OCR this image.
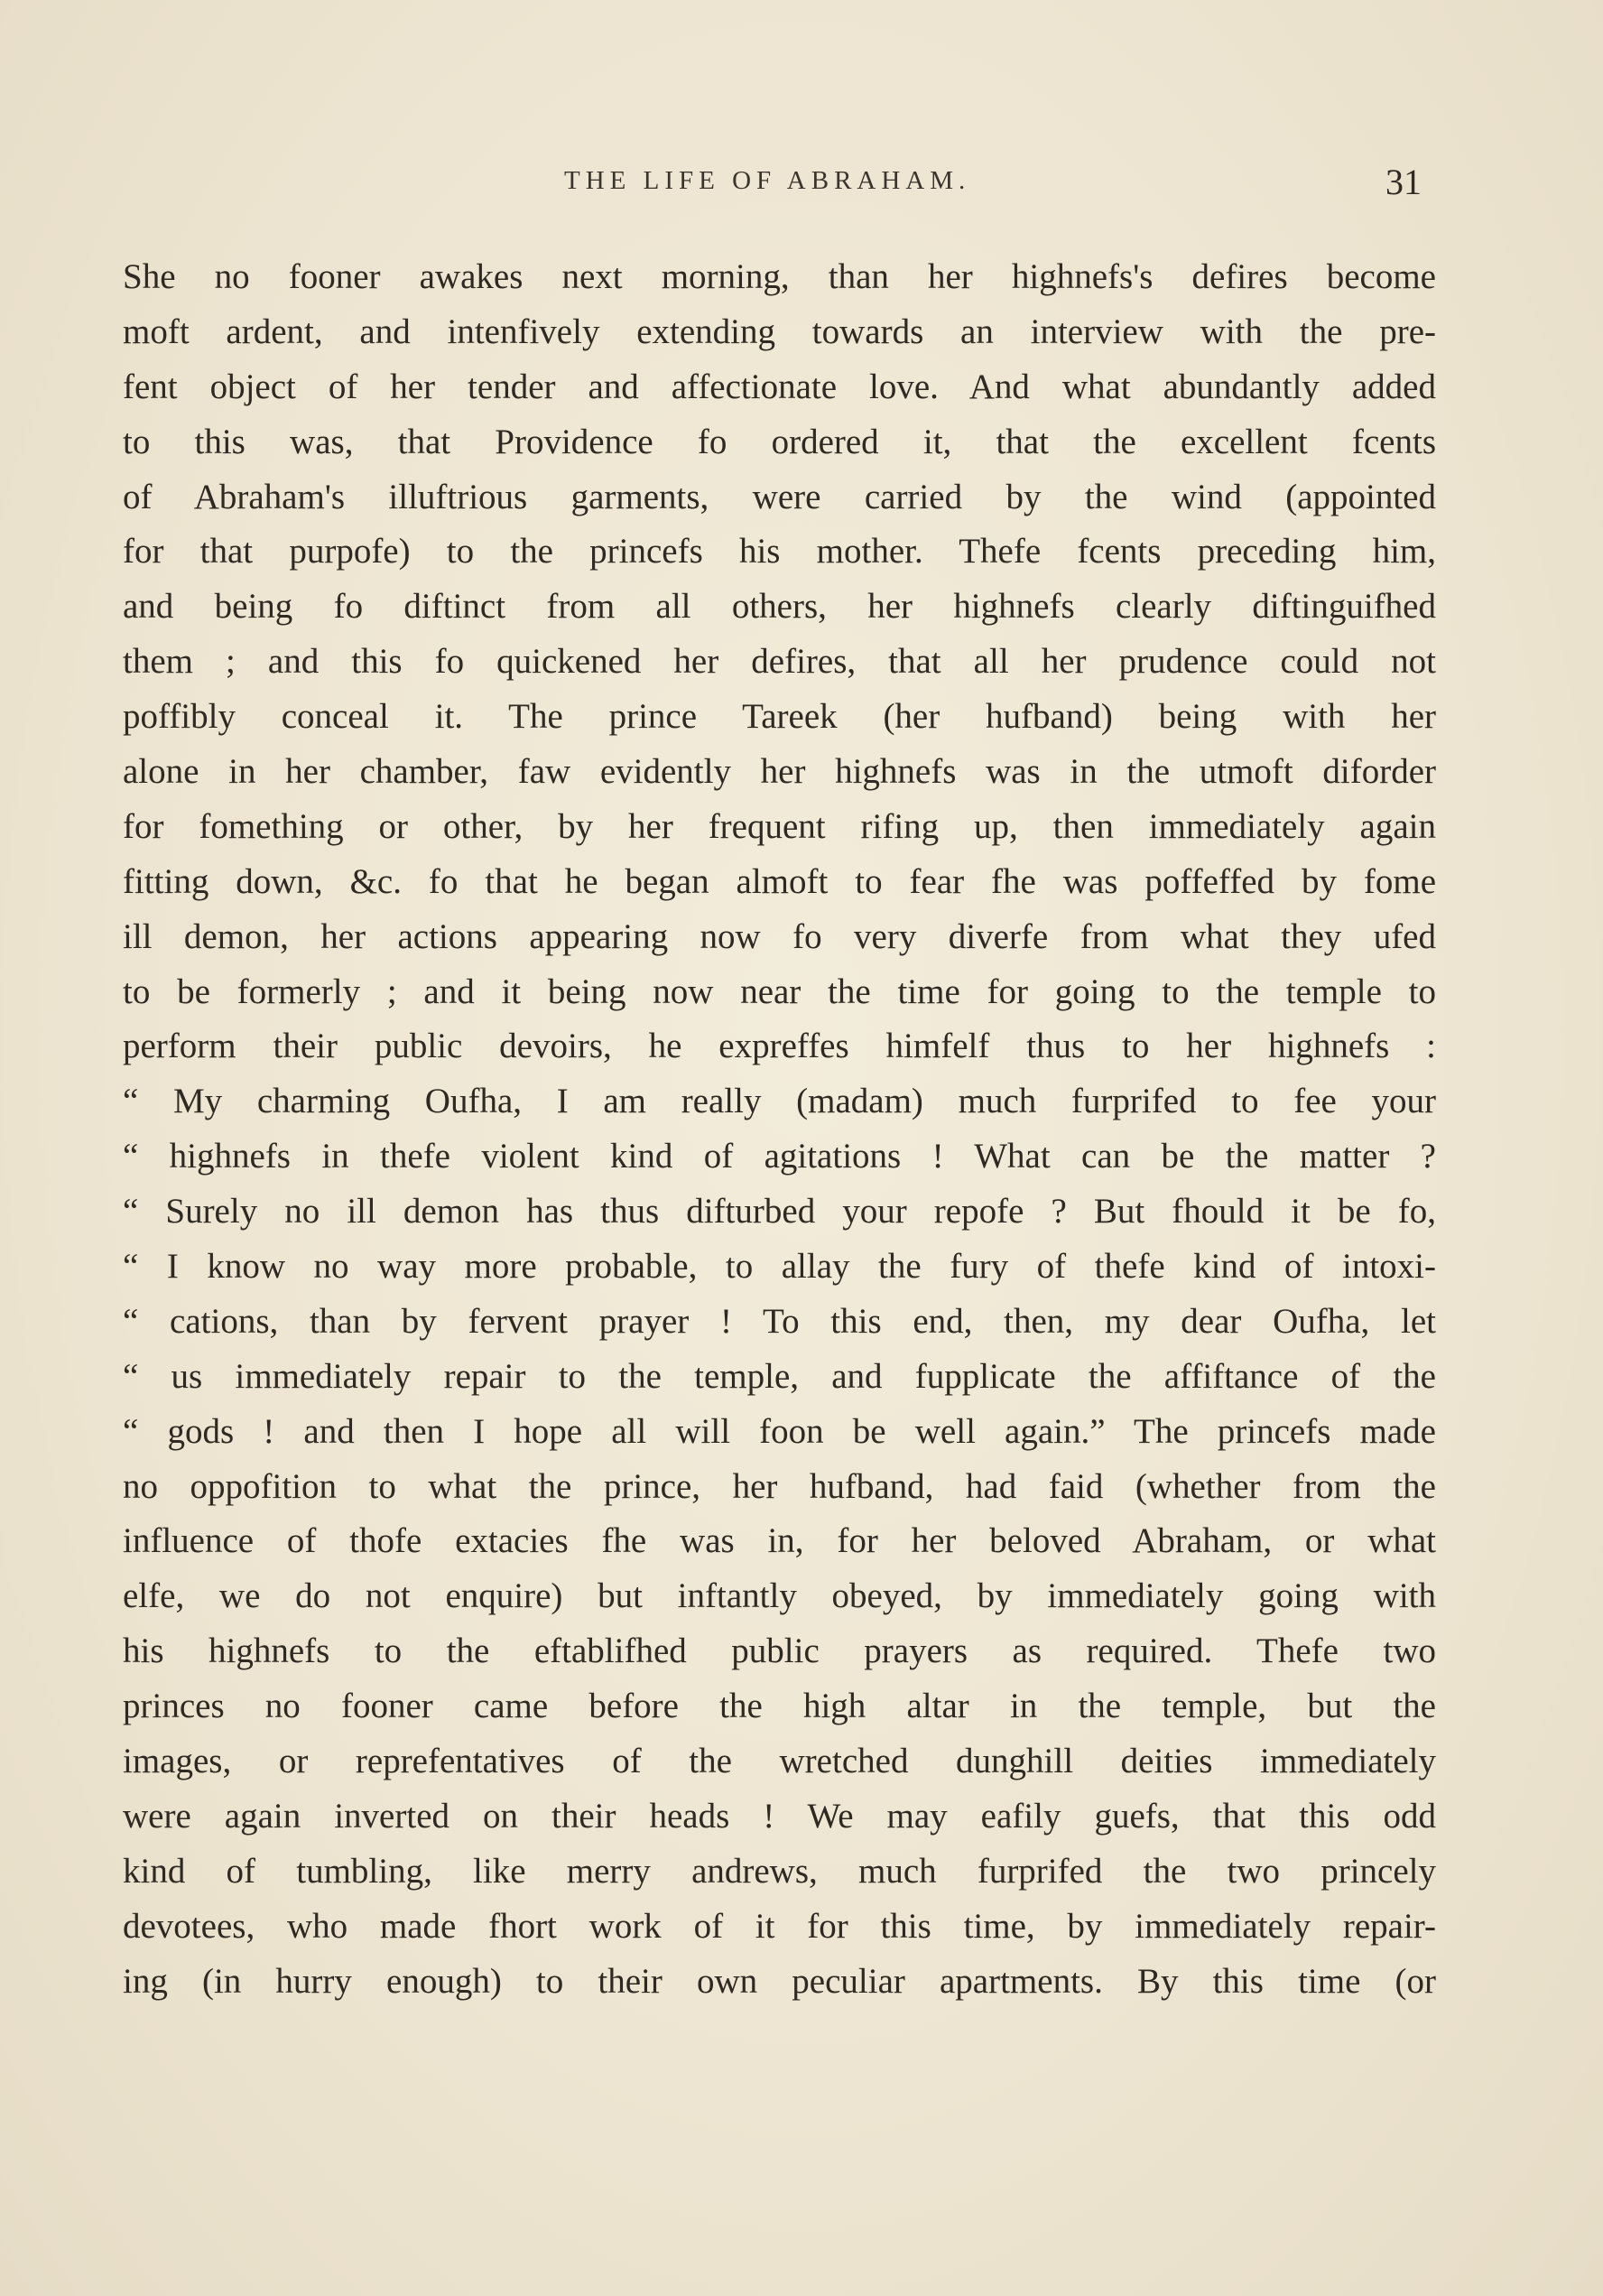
THE LIFE OF ABRAHAM.	31
She no fooner awakes next morning, than her highnefs's defires become
moft ardent, and intenfively extending towards an interview with the pre-
fent object of her tender and affectionate love. And what abundantly added
to this was, that Providence fo ordered it, that the excellent fcents
of Abraham's illuftrious garments, were carried by the wind (appointed
for that purpofe) to the princefs his mother. Thefe fcents preceding him,
and being fo diftinct from all others, her highnefs clearly diftinguifhed
them ; and this fo quickened her defires, that all her prudence could not
poffibly conceal it. The prince Tareek (her hufband) being with her
alone in her chamber, faw evidently her highnefs was in the utmoft diforder
for fomething or other, by her frequent rifing up, then immediately again
fitting down, &c. fo that he began almoft to fear fhe was poffeffed by fome
ill demon, her actions appearing now fo very diverfe from what they ufed
to be formerly ; and it being now near the time for going to the temple to
perform their public devoirs, he expreffes himfelf thus to her highnefs :
“ My charming Oufha, I am really (madam) much furprifed to fee your
“ highnefs in thefe violent kind of agitations ! What can be the matter ?
“ Surely no ill demon has thus difturbed your repofe ? But fhould it be fo,
“ I know no way more probable, to allay the fury of thefe kind of intoxi-
“ cations, than by fervent prayer ! To this end, then, my dear Oufha, let
“ us immediately repair to the temple, and fupplicate the affiftance of the
“ gods ! and then I hope all will foon be well again.” The princefs made
no oppofition to what the prince, her hufband, had faid (whether from the
influence of thofe extacies fhe was in, for her beloved Abraham, or what
elfe, we do not enquire) but inftantly obeyed, by immediately going with
his highnefs to the eftablifhed public prayers as required. Thefe two
princes no fooner came before the high altar in the temple, but the
images, or reprefentatives of the wretched dunghill deities immediately
were again inverted on their heads ! We may eafily guefs, that this odd
kind of tumbling, like merry andrews, much furprifed the two princely
devotees, who made fhort work of it for this time, by immediately repair-
ing (in hurry enough) to their own peculiar apartments. By this time (or
